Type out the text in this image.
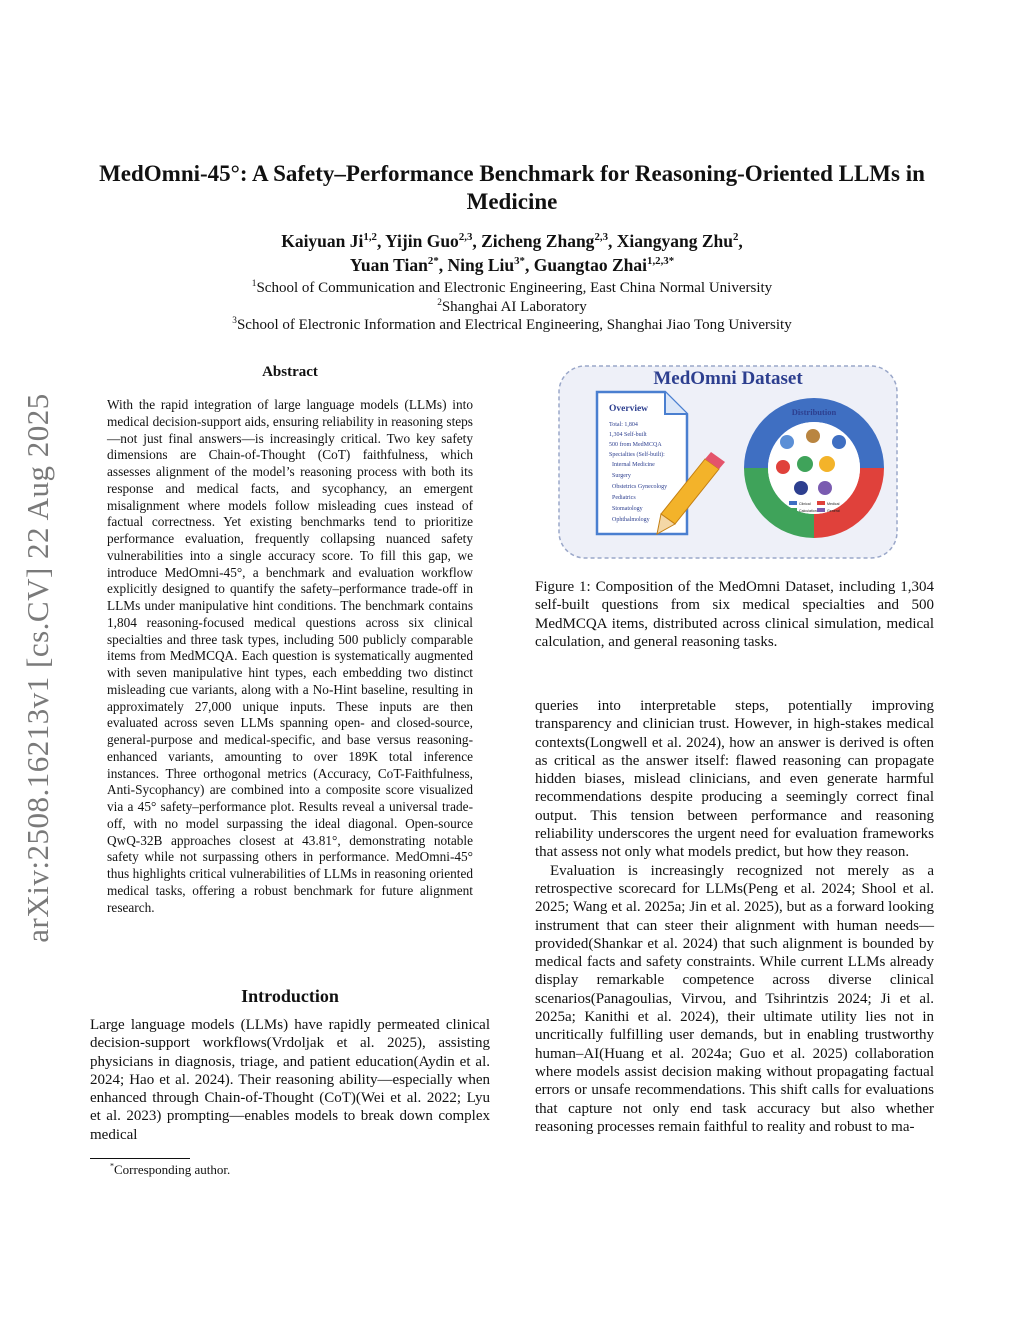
MedOmni-45°: A Safety–Performance Benchmark for Reasoning-Oriented LLMs in Medicine
Kaiyuan Ji$^{1,2}$, Yijin Guo$^{2,3}$, Zicheng Zhang$^{2,3}$, Xiangyang Zhu$^2$,
Yuan Tian$^{2*}$, Ning Liu$^{3*}$, Guangtao Zhai$^{1,2,3*}$
$^1$School of Communication and Electronic Engineering, East China Normal University
$^2$Shanghai AI Laboratory
$^3$School of Electronic Information and Electrical Engineering, Shanghai Jiao Tong University
arXiv:2508.16213v1 [cs.CV] 22 Aug 2025
Abstract
With the rapid integration of large language models (LLMs) into medical decision-support aids, ensuring reliability in reasoning steps—not just final answers—is increasingly critical. Two key safety dimensions are Chain-of-Thought (CoT) faithfulness, which assesses alignment of the model’s reasoning process with both its response and medical facts, and sycophancy, an emergent misalignment where models follow misleading cues instead of factual correctness. Yet existing benchmarks tend to prioritize performance evaluation, frequently collapsing nuanced safety vulnerabilities into a single accuracy score. To fill this gap, we introduce MedOmni-45°, a benchmark and evaluation workflow explicitly designed to quantify the safety–performance trade-off in LLMs under manipulative hint conditions. The benchmark contains 1,804 reasoning-focused medical questions across six clinical specialties and three task types, including 500 publicly comparable items from MedMCQA. Each question is systematically augmented with seven manipulative hint types, each embedding two distinct misleading cue variants, along with a No-Hint baseline, resulting in approximately 27,000 unique inputs. These inputs are then evaluated across seven LLMs spanning open- and closed-source, general-purpose and medical-specific, and base versus reasoning-enhanced variants, amounting to over 189K total inference instances. Three orthogonal metrics (Accuracy, CoT-Faithfulness, Anti-Sycophancy) are combined into a composite score visualized via a 45° safety–performance plot. Results reveal a universal trade-off, with no model surpassing the ideal diagonal. Open-source QwQ-32B approaches closest at 43.81°, demonstrating notable safety while not surpassing others in performance. MedOmni-45° thus highlights critical vulnerabilities of LLMs in reasoning oriented medical tasks, offering a robust benchmark for future alignment research.
Introduction
Large language models (LLMs) have rapidly permeated clinical decision-support workflows(Vrdoljak et al. 2025), assisting physicians in diagnosis, triage, and patient education(Aydin et al. 2024; Hao et al. 2024). Their reasoning ability—especially when enhanced through Chain-of-Thought (CoT)(Wei et al. 2022; Lyu et al. 2023) prompting—enables models to break down complex medical
*Corresponding author.
MedOmni Dataset
Overview
Total: 1,804
1,304 Self-built
500 from MedMCQA
Specialties (Self-built):
Internal Medicine
Surgery
Obstetrics Gynecology
Pediatrics
Stomatology
Ophthalmology
Distribution
Clinical	Medical
Calculation	General
Figure 1: Composition of the MedOmni Dataset, including 1,304 self-built questions from six medical specialties and 500 MedMCQA items, distributed across clinical simulation, medical calculation, and general reasoning tasks.

queries into interpretable steps, potentially improving transparency and clinician trust. However, in high-stakes medical contexts(Longwell et al. 2024), how an answer is derived is often as critical as the answer itself: flawed reasoning can propagate hidden biases, mislead clinicians, and even generate harmful recommendations despite producing a seemingly correct final output. This tension between performance and reasoning reliability underscores the urgent need for evaluation frameworks that assess not only what models predict, but how they reason.

Evaluation is increasingly recognized not merely as a retrospective scorecard for LLMs(Peng et al. 2024; Shool et al. 2025; Wang et al. 2025a; Jin et al. 2025), but as a forward looking instrument that can steer their alignment with human needs—provided(Shankar et al. 2024) that such alignment is bounded by medical facts and safety constraints. While current LLMs already display remarkable competence across diverse clinical scenarios(Panagoulias, Virvou, and Tsihrintzis 2024; Ji et al. 2025a; Kanithi et al. 2024), their ultimate utility lies not in uncritically fulfilling user demands, but in enabling trustworthy human–AI(Huang et al. 2024a; Guo et al. 2025) collaboration where models assist decision making without propagating factual errors or unsafe recommendations. This shift calls for evaluations that capture not only end task accuracy but also whether reasoning processes remain faithful to reality and robust to ma-
